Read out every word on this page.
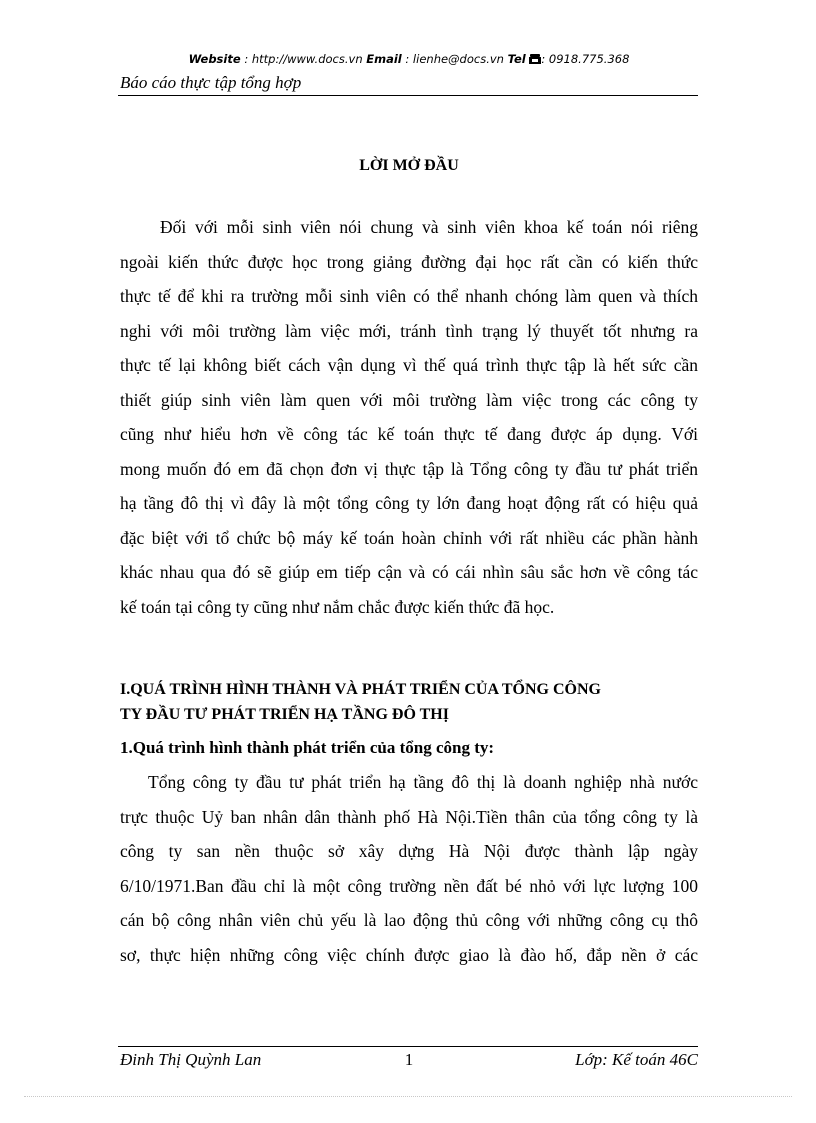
Website : http://www.docs.vn Email : lienhe@docs.vn Tel : 0918.775.368
Báo cáo thực tập tổng hợp
LỜI MỞ ĐẦU
Đối với mỗi sinh viên nói chung và sinh viên khoa kế toán nói riêng
ngoài kiến thức được học trong giảng đường đại học rất cần có kiến thức
thực tế để khi ra trường mỗi sinh viên có thể nhanh chóng làm quen và thích
nghi với môi trường làm việc mới, tránh tình trạng lý thuyết tốt nhưng ra
thực tế lại không biết cách vận dụng vì thế quá trình thực tập là hết sức cần
thiết giúp sinh viên làm quen với môi trường làm việc trong các công ty
cũng như hiểu hơn về công tác kế toán thực tế đang được áp dụng. Với
mong muốn đó em đã chọn đơn vị thực tập là Tổng công ty đầu tư phát triển
hạ tầng đô thị vì đây là một tổng công ty lớn đang hoạt động rất có hiệu quả
đặc biệt với tổ chức bộ máy kế toán hoàn chỉnh với rất nhiều các phần hành
khác nhau qua đó sẽ giúp em tiếp cận và có cái nhìn sâu sắc hơn về công tác
kế toán tại công ty cũng như nắm chắc được kiến thức đã học.
I.QUÁ TRÌNH HÌNH THÀNH VÀ PHÁT TRIỂN CỦA TỔNG CÔNG
TY ĐẦU TƯ PHÁT TRIỂN HẠ TẦNG ĐÔ THỊ
1.Quá trình hình thành phát triển của tổng công ty:
Tổng công ty đầu tư phát triển hạ tầng đô thị là doanh nghiệp nhà nước
trực thuộc Uỷ ban nhân dân thành phố Hà Nội.Tiền thân của tổng công ty là
công ty san nền thuộc sở xây dựng Hà Nội được thành lập ngày
6/10/1971.Ban đầu chỉ là một công trường nền đất bé nhỏ với lực lượng 100
cán bộ công nhân viên chủ yếu là lao động thủ công với những công cụ thô
sơ, thực hiện những công việc chính được giao là đào hố, đắp nền ở các
Đinh Thị Quỳnh Lan	1	Lớp: Kế toán 46C
